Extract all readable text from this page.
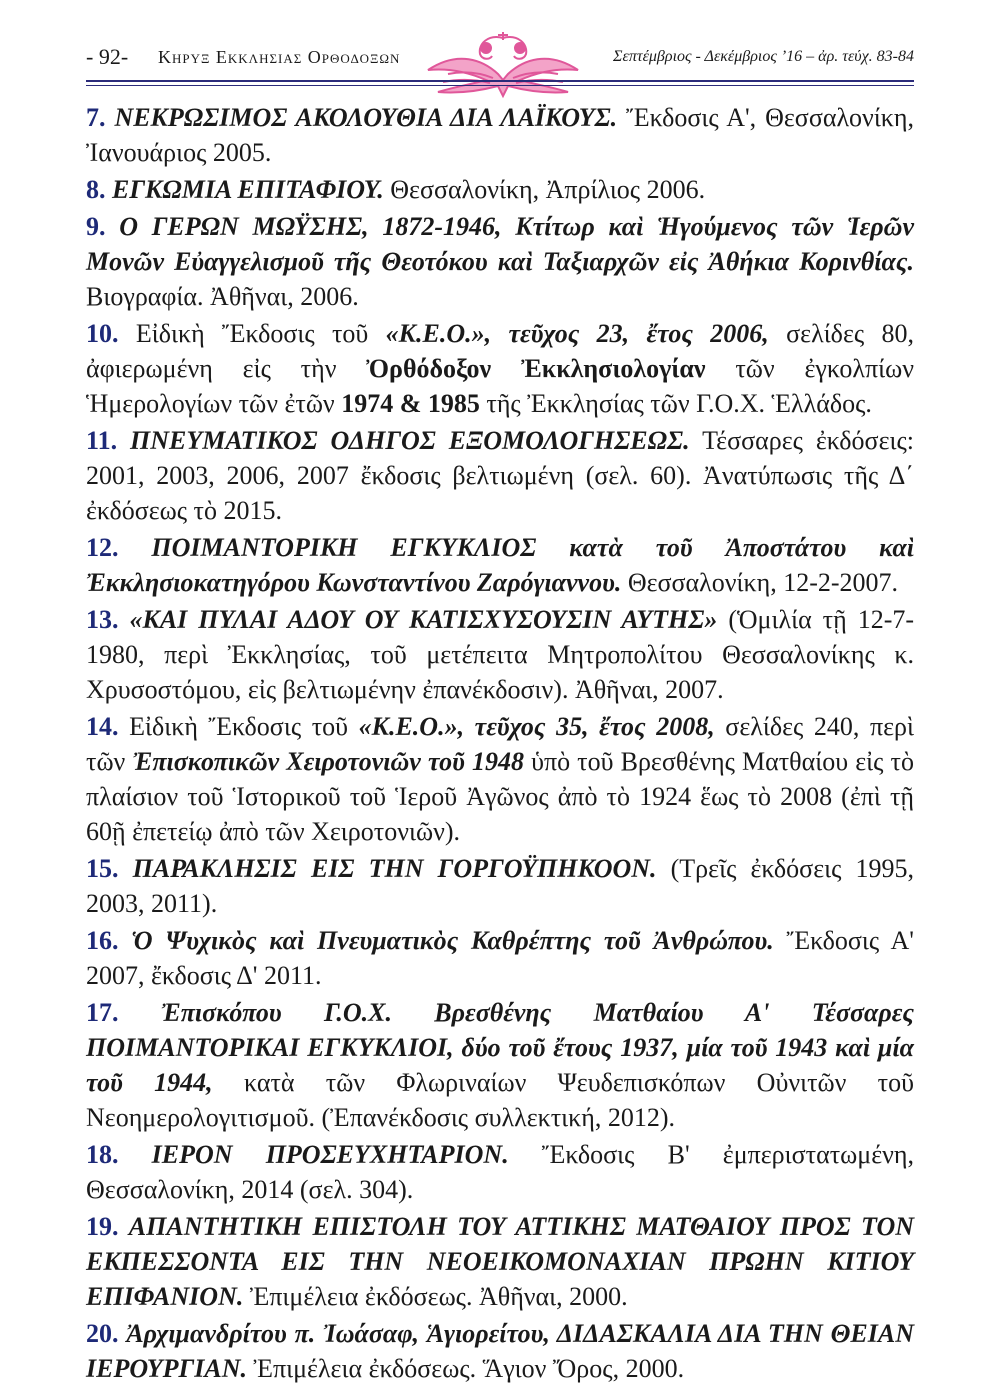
- 92- Κηρυξ Εκκλησιας Ορθοδοξων	Σεπτέμβριος - Δεκέμβριος ’16 – ἀρ. τεύχ. 83-84

7. ΝΕΚΡΩΣΙΜΟΣ ΑΚΟΛΟΥΘΙΑ ΔΙΑ ΛΑΪΚΟΥΣ. Ἔκδοσις Α', Θεσσαλονίκη, Ἰανουάριος 2005.

8. ΕΓΚΩΜΙΑ ΕΠΙΤΑΦΙΟΥ. Θεσσαλονίκη, Ἀπρίλιος 2006.

9. Ο ΓΕΡΩΝ ΜΩΫΣΗΣ, 1872-1946, Κτίτωρ καὶ Ἡγούμενος τῶν Ἱερῶν Μονῶν Εὐαγγελισμοῦ τῆς Θεοτόκου καὶ Ταξιαρχῶν εἰς Ἀθήκια Κορινθίας. Βιογραφία. Ἀθῆναι, 2006.

10. Εἰδικὴ Ἔκδοσις τοῦ «Κ.Ε.Ο.», τεῦχος 23, ἔτος 2006, σελίδες 80, ἀφιερωμένη εἰς τὴν Ὀρθόδοξον Ἐκκλησιολογίαν τῶν ἐγκολπίων Ἡμερολογίων τῶν ἐτῶν 1974 & 1985 τῆς Ἐκκλησίας τῶν Γ.Ο.Χ. Ἑλλάδος.

11. ΠΝΕΥΜΑΤΙΚΟΣ ΟΔΗΓΟΣ ΕΞΟΜΟΛΟΓΗΣΕΩΣ. Τέσσαρες ἐκδόσεις: 2001, 2003, 2006, 2007 ἔκδοσις βελτιωμένη (σελ. 60). Ἀνατύπωσις τῆς Δ΄ ἐκδόσεως τὸ 2015.

12. ΠΟΙΜΑΝΤΟΡΙΚΗ ΕΓΚΥΚΛΙΟΣ κατὰ τοῦ Ἀποστάτου καὶ Ἐκκλησιοκατηγόρου Κωνσταντίνου Ζαρόγιαννου. Θεσσαλονίκη, 12-2-2007.

13. «ΚΑΙ ΠΥΛΑΙ ΑΔΟΥ ΟΥ ΚΑΤΙΣΧΥΣΟΥΣΙΝ ΑΥΤΗΣ» (Ὁμιλία τῇ 12-7-1980, περὶ Ἐκκλησίας, τοῦ μετέπειτα Μητροπολίτου Θεσσαλονίκης κ. Χρυσοστόμου, εἰς βελτιωμένην ἐπανέκδοσιν). Ἀθῆναι, 2007.

14. Εἰδικὴ Ἔκδοσις τοῦ «Κ.Ε.Ο.», τεῦχος 35, ἔτος 2008, σελίδες 240, περὶ τῶν Ἐπισκοπικῶν Χειροτονιῶν τοῦ 1948 ὑπὸ τοῦ Βρεσθένης Ματθαίου εἰς τὸ πλαίσιον τοῦ Ἱστορικοῦ τοῦ Ἱεροῦ Ἀγῶνος ἀπὸ τὸ 1924 ἕως τὸ 2008 (ἐπὶ τῇ 60ῇ ἐπετείῳ ἀπὸ τῶν Χειροτονιῶν).

15. ΠΑΡΑΚΛΗΣΙΣ ΕΙΣ ΤΗΝ ΓΟΡΓΟΫΠΗΚΟΟΝ. (Τρεῖς ἐκδόσεις 1995, 2003, 2011).

16. Ὁ Ψυχικὸς καὶ Πνευματικὸς Καθρέπτης τοῦ Ἀνθρώπου. Ἔκδοσις Α' 2007, ἔκδοσις Δ' 2011.

17. Ἐπισκόπου Γ.Ο.Χ. Βρεσθένης Ματθαίου Α' Τέσσαρες ΠΟΙΜΑΝΤΟΡΙΚΑΙ ΕΓΚΥΚΛΙΟΙ, δύο τοῦ ἔτους 1937, μία τοῦ 1943 καὶ μία τοῦ 1944, κατὰ τῶν Φλωριναίων Ψευδεπισκόπων Οὐνιτῶν τοῦ Νεοημερολογιτισμοῦ. (Ἐπανέκδοσις συλλεκτική, 2012).

18. ΙΕΡΟΝ ΠΡΟΣΕΥΧΗΤΑΡΙΟΝ. Ἔκδοσις Β' ἐμπεριστατωμένη, Θεσσαλονίκη, 2014 (σελ. 304).

19. ΑΠΑΝΤΗΤΙΚΗ ΕΠΙΣΤΟΛΗ ΤΟΥ ΑΤΤΙΚΗΣ ΜΑΤΘΑΙΟΥ ΠΡΟΣ ΤΟΝ ΕΚΠΕΣΣΟΝΤΑ ΕΙΣ ΤΗΝ ΝΕΟΕΙΚΟΜΟΝΑΧΙΑΝ ΠΡΩΗΝ ΚΙΤΙΟΥ ΕΠΙΦΑΝΙΟΝ. Ἐπιμέλεια ἐκδόσεως. Ἀθῆναι, 2000.

20. Ἀρχιμανδρίτου π. Ἰωάσαφ, Ἁγιορείτου, ΔΙΔΑΣΚΑΛΙΑ ΔΙΑ ΤΗΝ ΘΕΙΑΝ ΙΕΡΟΥΡΓΙΑΝ. Ἐπιμέλεια ἐκδόσεως. Ἅγιον Ὄρος, 2000.
